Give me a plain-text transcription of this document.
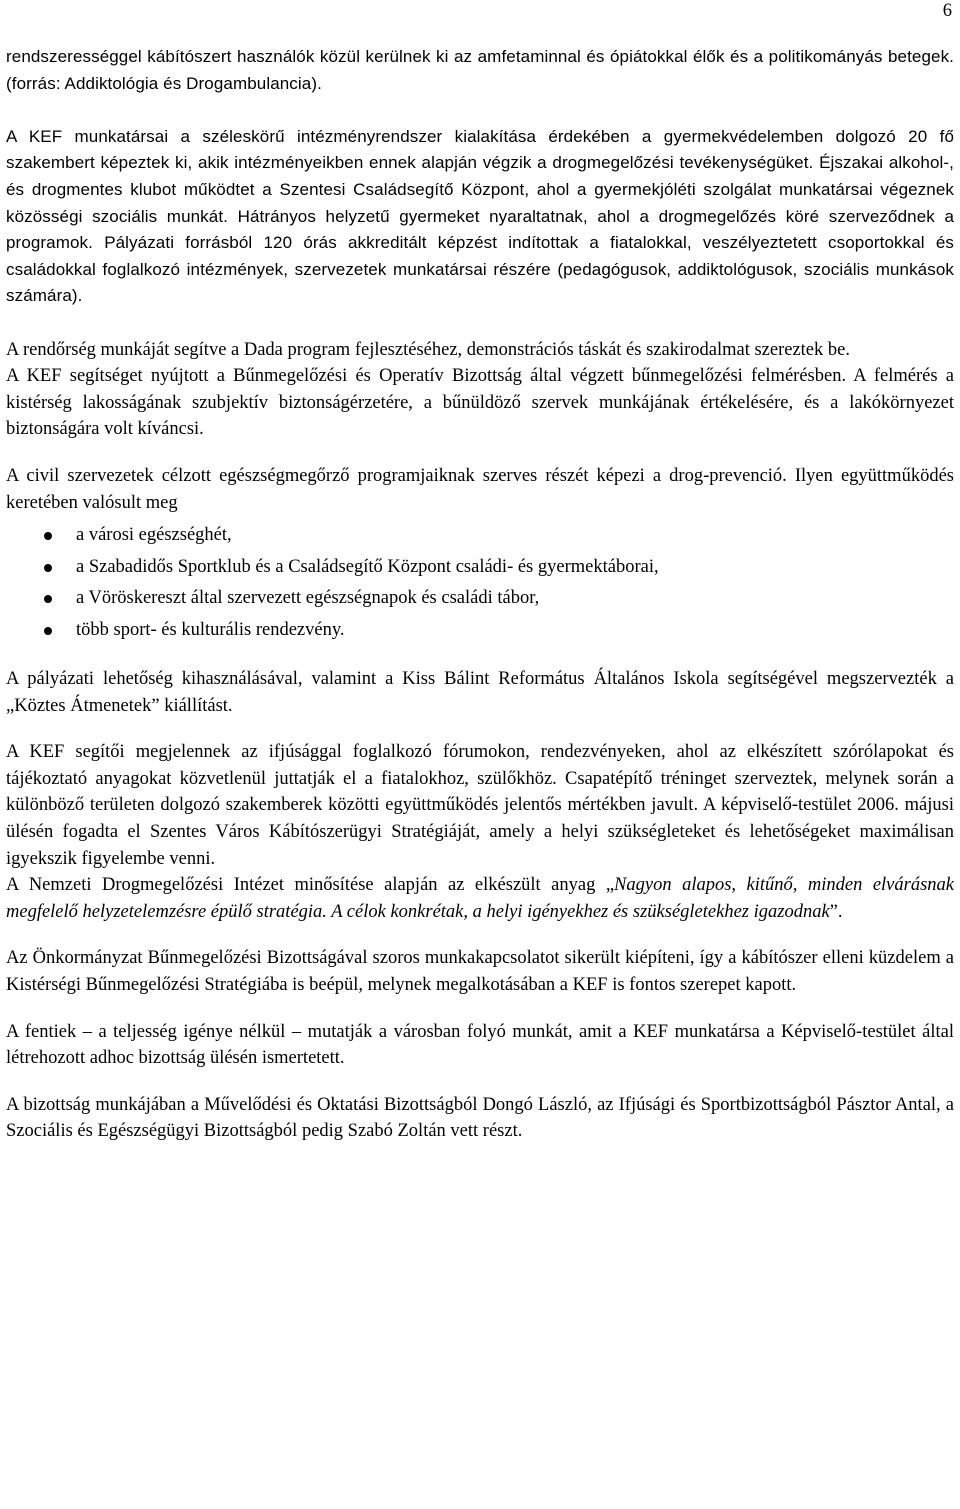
6

rendszerességgel kábítószert használók közül kerülnek ki az amfetaminnal és ópiátokkal élők és a politikományás betegek. (forrás: Addiktológia és Drogambulancia).

A KEF munkatársai a széleskörű intézményrendszer kialakítása érdekében a gyermekvédelemben dolgozó 20 fő szakembert képeztek ki, akik intézményeikben ennek alapján végzik a drogmegelőzési tevékenységüket. Éjszakai alkohol-, és drogmentes klubot működtet a Szentesi Családsegítő Központ, ahol a gyermekjóléti szolgálat munkatársai végeznek közösségi szociális munkát. Hátrányos helyzetű gyermeket nyaraltatnak, ahol a drogmegelőzés köré szerveződnek a programok. Pályázati forrásból 120 órás akkreditált képzést indítottak a fiatalokkal, veszélyeztetett csoportokkal és családokkal foglalkozó intézmények, szervezetek munkatársai részére (pedagógusok, addiktológusok, szociális munkások számára).

A rendőrség munkáját segítve a Dada program fejlesztéséhez, demonstrációs táskát és szakirodalmat szereztek be.

A KEF segítséget nyújtott a Bűnmegelőzési és Operatív Bizottság által végzett bűnmegelőzési felmérésben. A felmérés a kistérség lakosságának szubjektív biztonságérzetére, a bűnüldöző szervek munkájának értékelésére, és a lakókörnyezet biztonságára volt kíváncsi.

A civil szervezetek célzott egészségmegőrző programjaiknak szerves részét képezi a drog-prevenció. Ilyen együttműködés keretében valósult meg

a városi egészséghét,
a Szabadidős Sportklub és a Családsegítő Központ családi- és gyermektáborai,
a Vöröskereszt által szervezett egészségnapok és családi tábor,
több sport- és kulturális rendezvény.

A pályázati lehetőség kihasználásával, valamint a Kiss Bálint Református Általános Iskola segítségével megszervezték a „Köztes Átmenetek” kiállítást.

A KEF segítői megjelennek az ifjúsággal foglalkozó fórumokon, rendezvényeken, ahol az elkészített szórólapokat és tájékoztató anyagokat közvetlenül juttatják el a fiatalokhoz, szülőkhöz. Csapatépítő tréninget szerveztek, melynek során a különböző területen dolgozó szakemberek közötti együttműködés jelentős mértékben javult. A képviselő-testület 2006. májusi ülésén fogadta el Szentes Város Kábítószerügyi Stratégiáját, amely a helyi szükségleteket és lehetőségeket maximálisan igyekszik figyelembe venni.

A Nemzeti Drogmegelőzési Intézet minősítése alapján az elkészült anyag „Nagyon alapos, kitűnő, minden elvárásnak megfelelő helyzetelemzésre épülő stratégia. A célok konkrétak, a helyi igényekhez és szükségletekhez igazodnak”.

Az Önkormányzat Bűnmegelőzési Bizottságával szoros munkakapcsolatot sikerült kiépíteni, így a kábítószer elleni küzdelem a Kistérségi Bűnmegelőzési Stratégiába is beépül, melynek megalkotásában a KEF is fontos szerepet kapott.

A fentiek – a teljesség igénye nélkül – mutatják a városban folyó munkát, amit a KEF munkatársa a Képviselő-testület által létrehozott adhoc bizottság ülésén ismertetett.

A bizottság munkájában a Művelődési és Oktatási Bizottságból Dongó László, az Ifjúsági és Sportbizottságból Pásztor Antal, a Szociális és Egészségügyi Bizottságból pedig Szabó Zoltán vett részt.
